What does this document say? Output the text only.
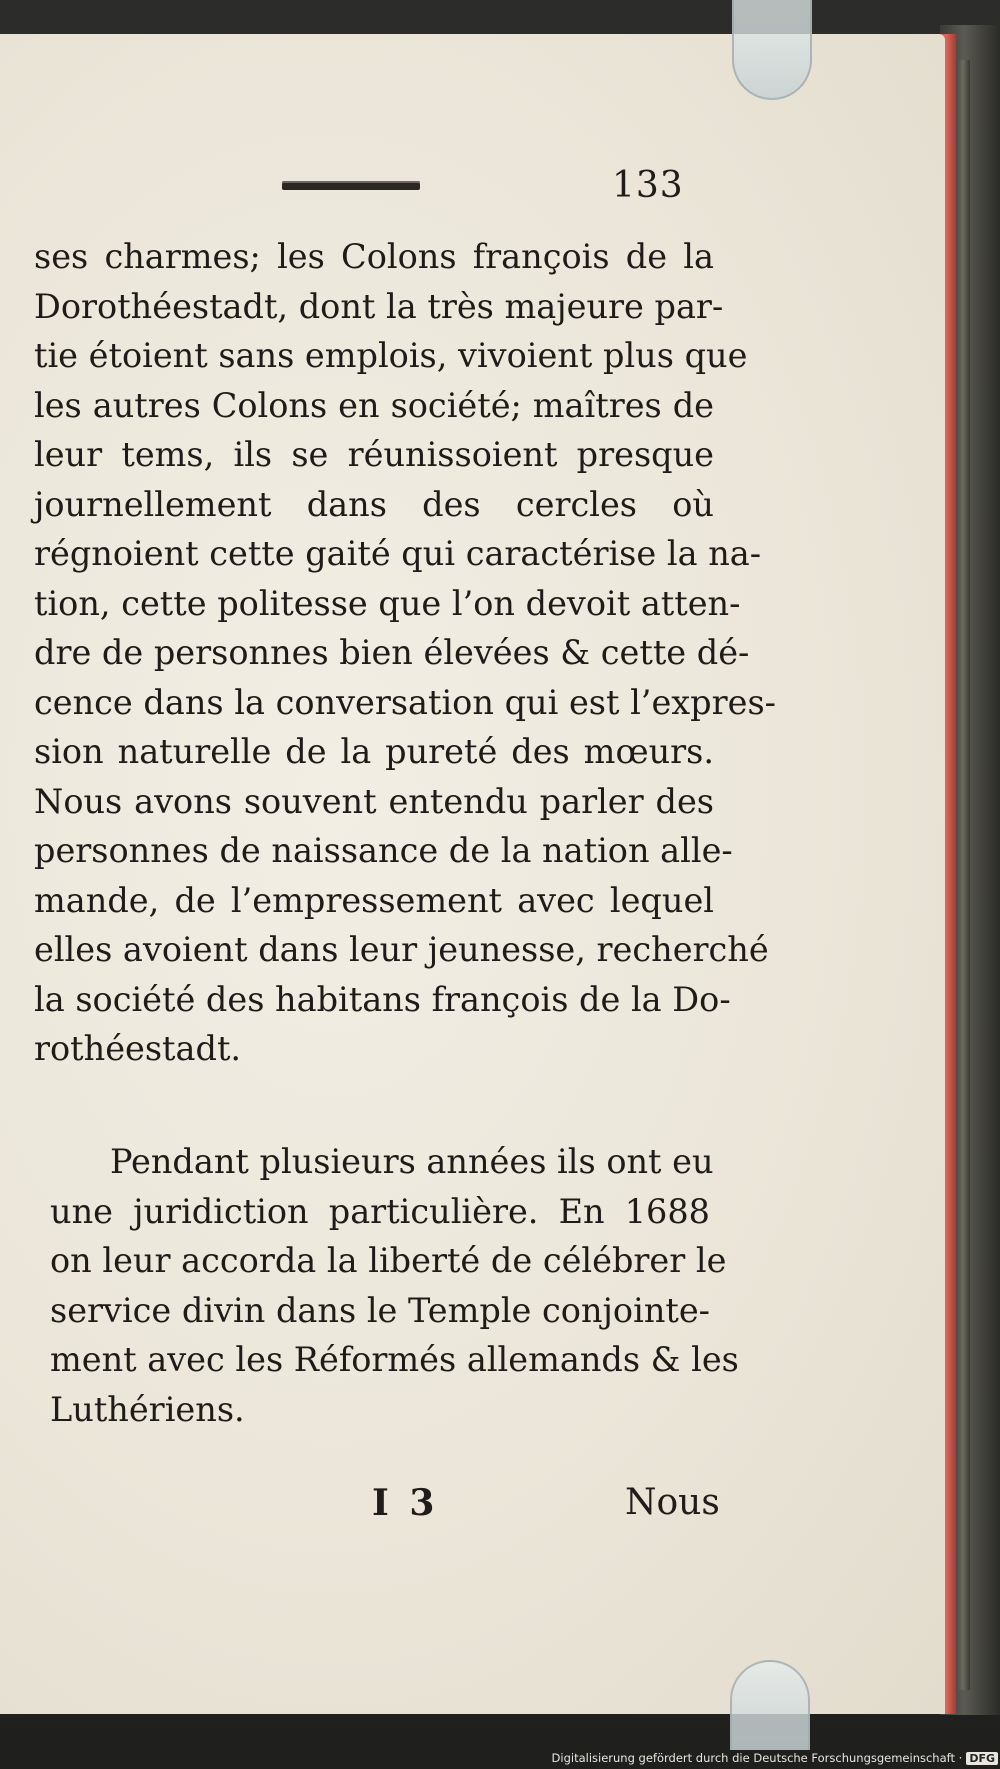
133
ses charmes; les Colons françois de la
Dorothéestadt, dont la très majeure par-
tie étoient sans emplois, vivoient plus que
les autres Colons en société; maîtres de
leur tems, ils se réunissoient presque
journellement dans des cercles où
régnoient cette gaité qui caractérise la na-
tion, cette politesse que l’on devoit atten-
dre de personnes bien élevées & cette dé-
cence dans la conversation qui est l’expres-
sion naturelle de la pureté des mœurs.
Nous avons souvent entendu parler des
personnes de naissance de la nation alle-
mande, de l’empressement avec lequel
elles avoient dans leur jeunesse, recherché
la société des habitans françois de la Do-
rothéestadt.
Pendant plusieurs années ils ont eu
une juridiction particulière. En 1688
on leur accorda la liberté de célébrer le
service divin dans le Temple conjointe-
ment avec les Réformés allemands & les
Luthériens.
I 3	Nous
Digitalisierung gefördert durch die Deutsche Forschungsgemeinschaft · DFG
